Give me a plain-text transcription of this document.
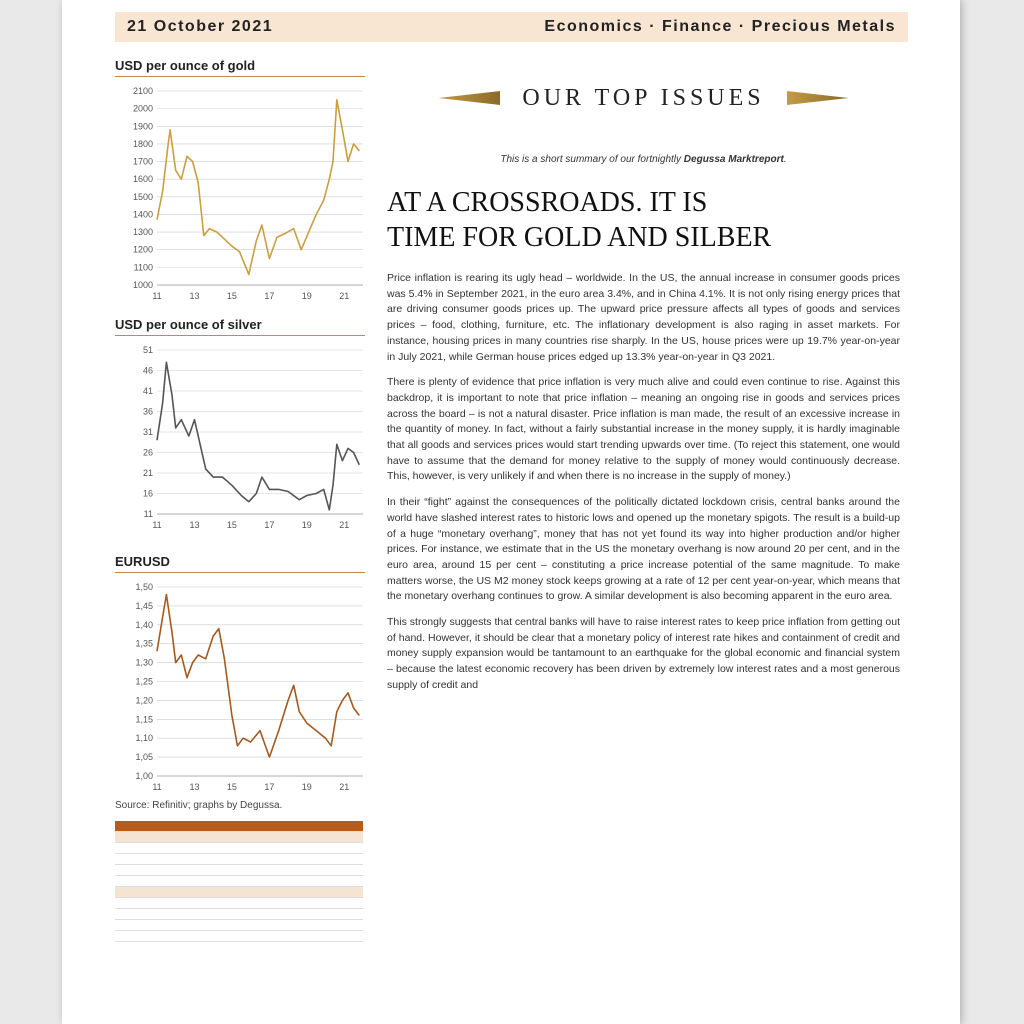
21 October 2021	Economics · Finance · Precious Metals
USD per ounce of gold
1000
1100
1200
1300
1400
1500
1600
1700
1800
1900
2000
2100
11	13	15	17	19	21
USD per ounce of silver
11
16
21
26
31
36
41
46
51
11	13	15	17	19	21
EURUSD
1,00
1,05
1,10
1,15
1,20
1,25
1,30
1,35
1,40
1,45
1,50
11	13	15	17	19	21
Source: Refinitiv; graphs by Degussa.

OUR TOP ISSUES
This is a short summary of our fortnightly Degussa Marktreport.
AT A CROSSROADS. IT IS
TIME FOR GOLD AND SILBER

Price inflation is rearing its ugly head – worldwide. In the US, the annual increase in consumer goods prices was 5.4% in September 2021, in the euro area 3.4%, and in China 4.1%. It is not only rising energy prices that are driving consumer goods prices up. The upward price pressure affects all types of goods and services prices – food, clothing, furniture, etc. The inflationary development is also raging in asset markets. For instance, housing prices in many countries rise sharply. In the US, house prices were up 19.7% year-on-year in July 2021, while German house prices edged up 13.3% year-on-year in Q3 2021.

There is plenty of evidence that price inflation is very much alive and could even continue to rise. Against this backdrop, it is important to note that price inflation – meaning an ongoing rise in goods and services prices across the board – is not a natural disaster. Price inflation is man made, the result of an excessive increase in the quantity of money. In fact, without a fairly substantial increase in the money supply, it is hardly imaginable that all goods and services prices would start trending upwards over time. (To reject this statement, one would have to assume that the demand for money relative to the supply of money would continuously decrease. This, however, is very unlikely if and when there is no increase in the supply of money.)

In their “fight” against the consequences of the politically dictated lockdown crisis, central banks around the world have slashed interest rates to historic lows and opened up the monetary spigots. The result is a build-up of a huge “monetary overhang”, money that has not yet found its way into higher production and/or higher prices. For instance, we estimate that in the US the monetary overhang is now around 20 per cent, and in the euro area, around 15 per cent – constituting a price increase potential of the same magnitude. To make matters worse, the US M2 money stock keeps growing at a rate of 12 per cent year-on-year, which means that the monetary overhang continues to grow. A similar development is also becoming apparent in the euro area.

This strongly suggests that central banks will have to raise interest rates to keep price inflation from getting out of hand. However, it should be clear that a monetary policy of interest rate hikes and containment of credit and money supply expansion would be tantamount to an earthquake for the global economic and financial system – because the latest economic recovery has been driven by extremely low interest rates and a most generous supply of credit and
